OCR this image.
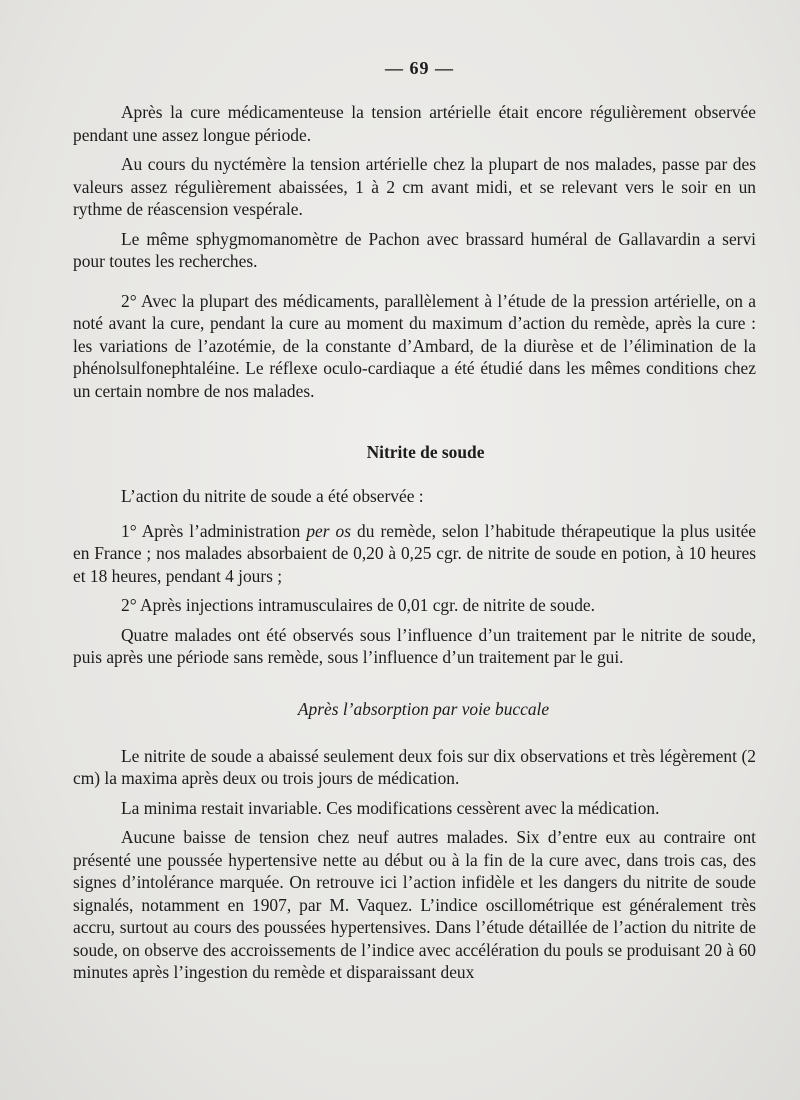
— 69 —

Après la cure médicamenteuse la tension artérielle était encore régulièrement observée pendant une assez longue période.

Au cours du nyctémère la tension artérielle chez la plupart de nos malades, passe par des valeurs assez régulièrement abaissées, 1 à 2 cm avant midi, et se relevant vers le soir en un rythme de réascension vespérale.

Le même sphygmomanomètre de Pachon avec brassard huméral de Gallavardin a servi pour toutes les recherches.

2° Avec la plupart des médicaments, parallèlement à l’étude de la pression artérielle, on a noté avant la cure, pendant la cure au moment du maximum d’action du remède, après la cure : les variations de l’azotémie, de la constante d’Ambard, de la diurèse et de l’élimination de la phénolsulfonephtaléine. Le réflexe oculo-cardiaque a été étudié dans les mêmes conditions chez un certain nombre de nos malades.

Nitrite de soude

L’action du nitrite de soude a été observée :

1° Après l’administration per os du remède, selon l’habitude thérapeutique la plus usitée en France ; nos malades absorbaient de 0,20 à 0,25 cgr. de nitrite de soude en potion, à 10 heures et 18 heures, pendant 4 jours ;

2° Après injections intramusculaires de 0,01 cgr. de nitrite de soude.

Quatre malades ont été observés sous l’influence d’un traitement par le nitrite de soude, puis après une période sans remède, sous l’influence d’un traitement par le gui.

Après l’absorption par voie buccale

Le nitrite de soude a abaissé seulement deux fois sur dix observations et très légèrement (2 cm) la maxima après deux ou trois jours de médication.

La minima restait invariable. Ces modifications cessèrent avec la médication.

Aucune baisse de tension chez neuf autres malades. Six d’entre eux au contraire ont présenté une poussée hypertensive nette au début ou à la fin de la cure avec, dans trois cas, des signes d’intolérance marquée. On retrouve ici l’action infidèle et les dangers du nitrite de soude signalés, notamment en 1907, par M. Vaquez. L’indice oscillométrique est généralement très accru, surtout au cours des poussées hypertensives. Dans l’étude détaillée de l’action du nitrite de soude, on observe des accroissements de l’indice avec accélération du pouls se produisant 20 à 60 minutes après l’ingestion du remède et disparaissant deux
